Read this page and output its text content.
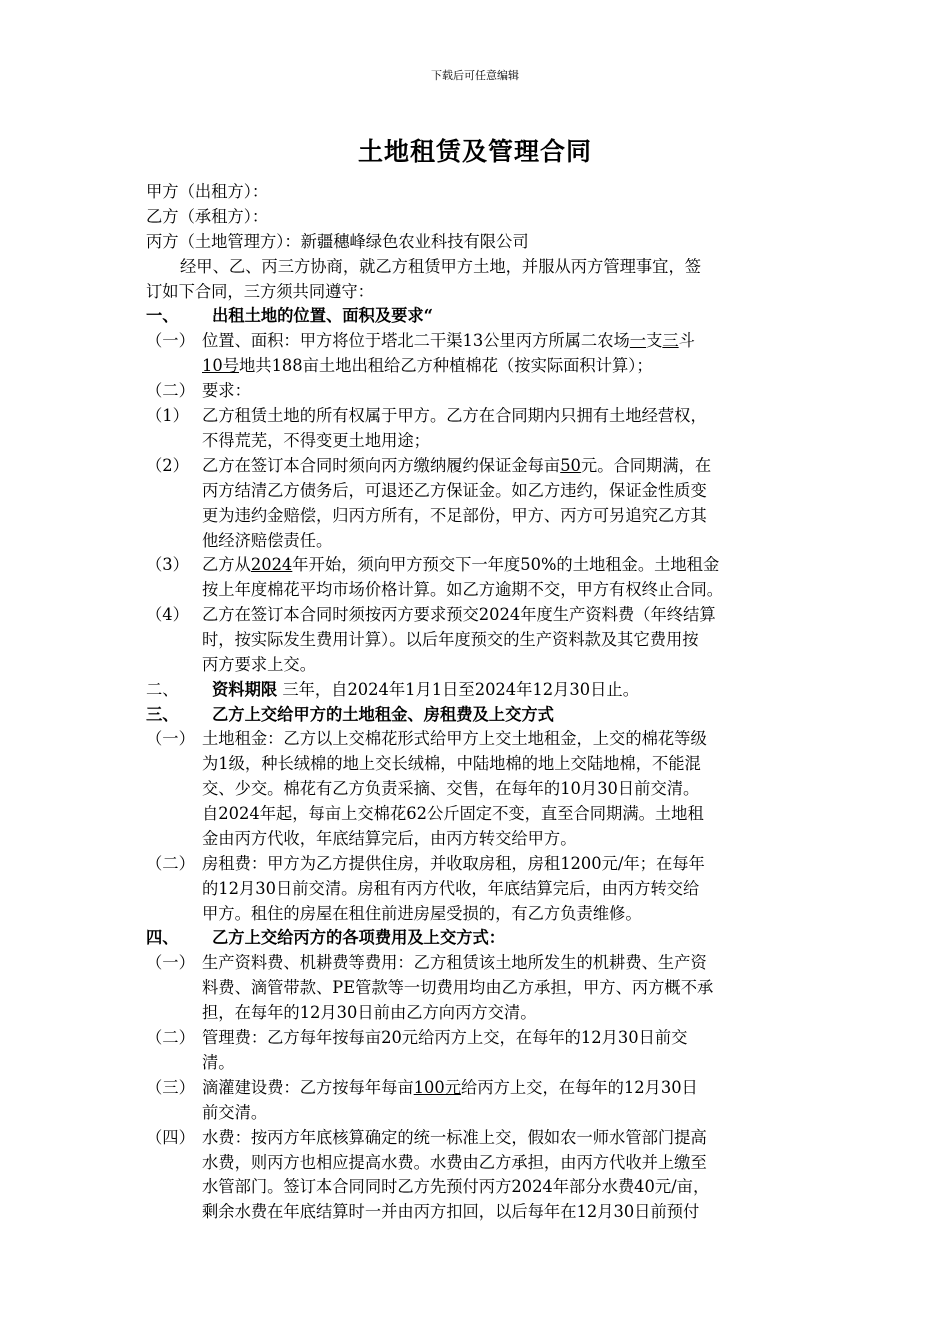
下载后可任意编辑
土地租赁及管理合同
甲方（出租方）：
乙方（承租方）：
丙方（土地管理方）：新疆穗峰绿色农业科技有限公司
经甲、乙、丙三方协商，就乙方租赁甲方土地，并服从丙方管理事宜，签
订如下合同，三方须共同遵守：
一、 出租土地的位置、面积及要求“
（一） 位置、面积：甲方将位于塔北二干渠13公里丙方所属二农场一支三斗
10号地共188亩土地出租给乙方种植棉花（按实际面积计算）；
（二） 要求：
（1） 乙方租赁土地的所有权属于甲方。乙方在合同期内只拥有土地经营权，
不得荒芜，不得变更土地用途；
（2） 乙方在签订本合同时须向丙方缴纳履约保证金每亩50元。合同期满，在
丙方结清乙方债务后，可退还乙方保证金。如乙方违约，保证金性质变
更为违约金赔偿，归丙方所有，不足部份，甲方、丙方可另追究乙方其
他经济赔偿责任。
（3） 乙方从2024年开始，须向甲方预交下一年度50%的土地租金。土地租金
按上年度棉花平均市场价格计算。如乙方逾期不交，甲方有权终止合同。
（4） 乙方在签订本合同时须按丙方要求预交2024年度生产资料费（年终结算
时，按实际发生费用计算）。以后年度预交的生产资料款及其它费用按
丙方要求上交。
二、 资料期限 三年，自2024年1月1日至2024年12月30日止。
三、 乙方上交给甲方的土地租金、房租费及上交方式
（一） 土地租金：乙方以上交棉花形式给甲方上交土地租金，上交的棉花等级
为1级，种长绒棉的地上交长绒棉，中陆地棉的地上交陆地棉，不能混
交、少交。棉花有乙方负责采摘、交售，在每年的10月30日前交清。
自2024年起，每亩上交棉花62公斤固定不变，直至合同期满。土地租
金由丙方代收，年底结算完后，由丙方转交给甲方。
（二） 房租费：甲方为乙方提供住房，并收取房租，房租1200元/年；在每年
的12月30日前交清。房租有丙方代收，年底结算完后，由丙方转交给
甲方。租住的房屋在租住前进房屋受损的，有乙方负责维修。
四、 乙方上交给丙方的各项费用及上交方式：
（一） 生产资料费、机耕费等费用：乙方租赁该土地所发生的机耕费、生产资
料费、滴管带款、PE管款等一切费用均由乙方承担，甲方、丙方概不承
担，在每年的12月30日前由乙方向丙方交清。
（二） 管理费：乙方每年按每亩20元给丙方上交，在每年的12月30日前交
清。
（三） 滴灌建设费：乙方按每年每亩100元给丙方上交，在每年的12月30日
前交清。
（四） 水费：按丙方年底核算确定的统一标准上交，假如农一师水管部门提高
水费，则丙方也相应提高水费。水费由乙方承担，由丙方代收并上缴至
水管部门。签订本合同同时乙方先预付丙方2024年部分水费40元/亩，
剩余水费在年底结算时一并由丙方扣回，以后每年在12月30日前预付
